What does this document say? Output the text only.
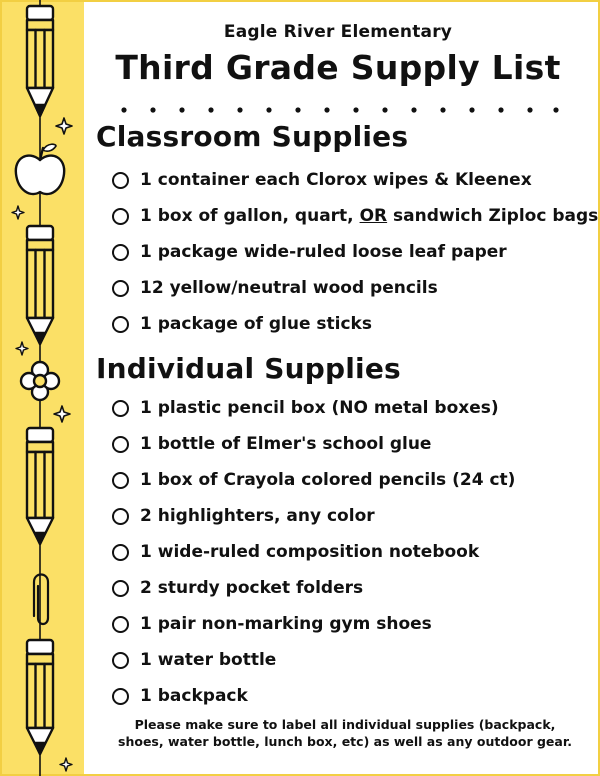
Eagle River Elementary
Third Grade Supply List
Classroom Supplies
1 container each Clorox wipes & Kleenex
1 box of gallon, quart, OR sandwich Ziploc bags
1 package wide-ruled loose leaf paper
12 yellow/neutral wood pencils
1 package of glue sticks
Individual Supplies
1 plastic pencil box (NO metal boxes)
1 bottle of Elmer's school glue
1 box of Crayola colored pencils (24 ct)
2 highlighters, any color
1 wide-ruled composition notebook
2 sturdy pocket folders
1 pair non-marking gym shoes
1 water bottle
1 backpack
Please make sure to label all individual supplies (backpack,
shoes, water bottle, lunch box, etc) as well as any outdoor gear.
